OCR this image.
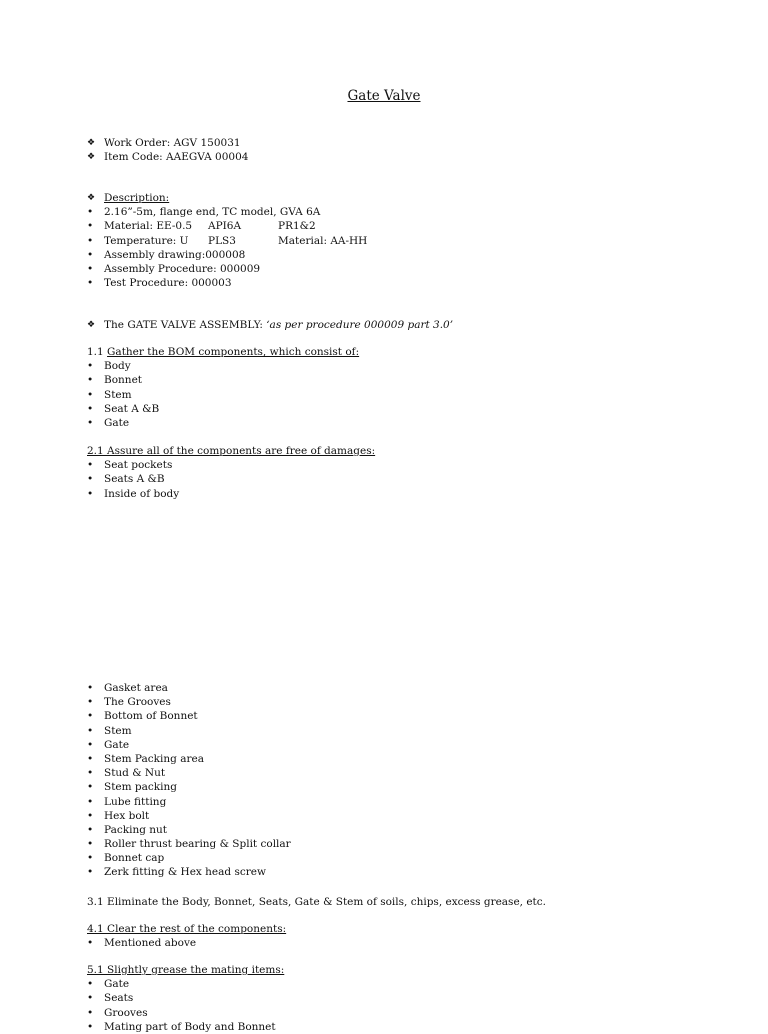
Gate Valve
❖ Work Order: AGV 150031
❖ Item Code: AAEGVA 00004
❖ Description:
•	2.16”-5m, flange end, TC model, GVA 6A
•	Material: EE-0.5 API6A	PR1&2
•	Temperature: U PLS3	Material: AA-HH
•	Assembly drawing:000008
•	Assembly Procedure: 000009
•	Test Procedure: 000003
❖ The GATE VALVE ASSEMBLY: ‘as per procedure 000009 part 3.0’
1.1 Gather the BOM components, which consist of:
•	Body
•	Bonnet
•	Stem
•	Seat A &B
•	Gate
2.1 Assure all of the components are free of damages:
•	Seat pockets
•	Seats A &B
•	Inside of body
•	Gasket area
•	The Grooves
•	Bottom of Bonnet
•	Stem
•	Gate
•	Stem Packing area
•	Stud & Nut
•	Stem packing
•	Lube fitting
•	Hex bolt
•	Packing nut
•	Roller thrust bearing & Split collar
•	Bonnet cap
•	Zerk fitting & Hex head screw
3.1 Eliminate the Body, Bonnet, Seats, Gate & Stem of soils, chips, excess grease, etc.
4.1 Clear the rest of the components:
•	Mentioned above
5.1 Slightly grease the mating items:
•	Gate
•	Seats
•	Grooves
•	Mating part of Body and Bonnet
